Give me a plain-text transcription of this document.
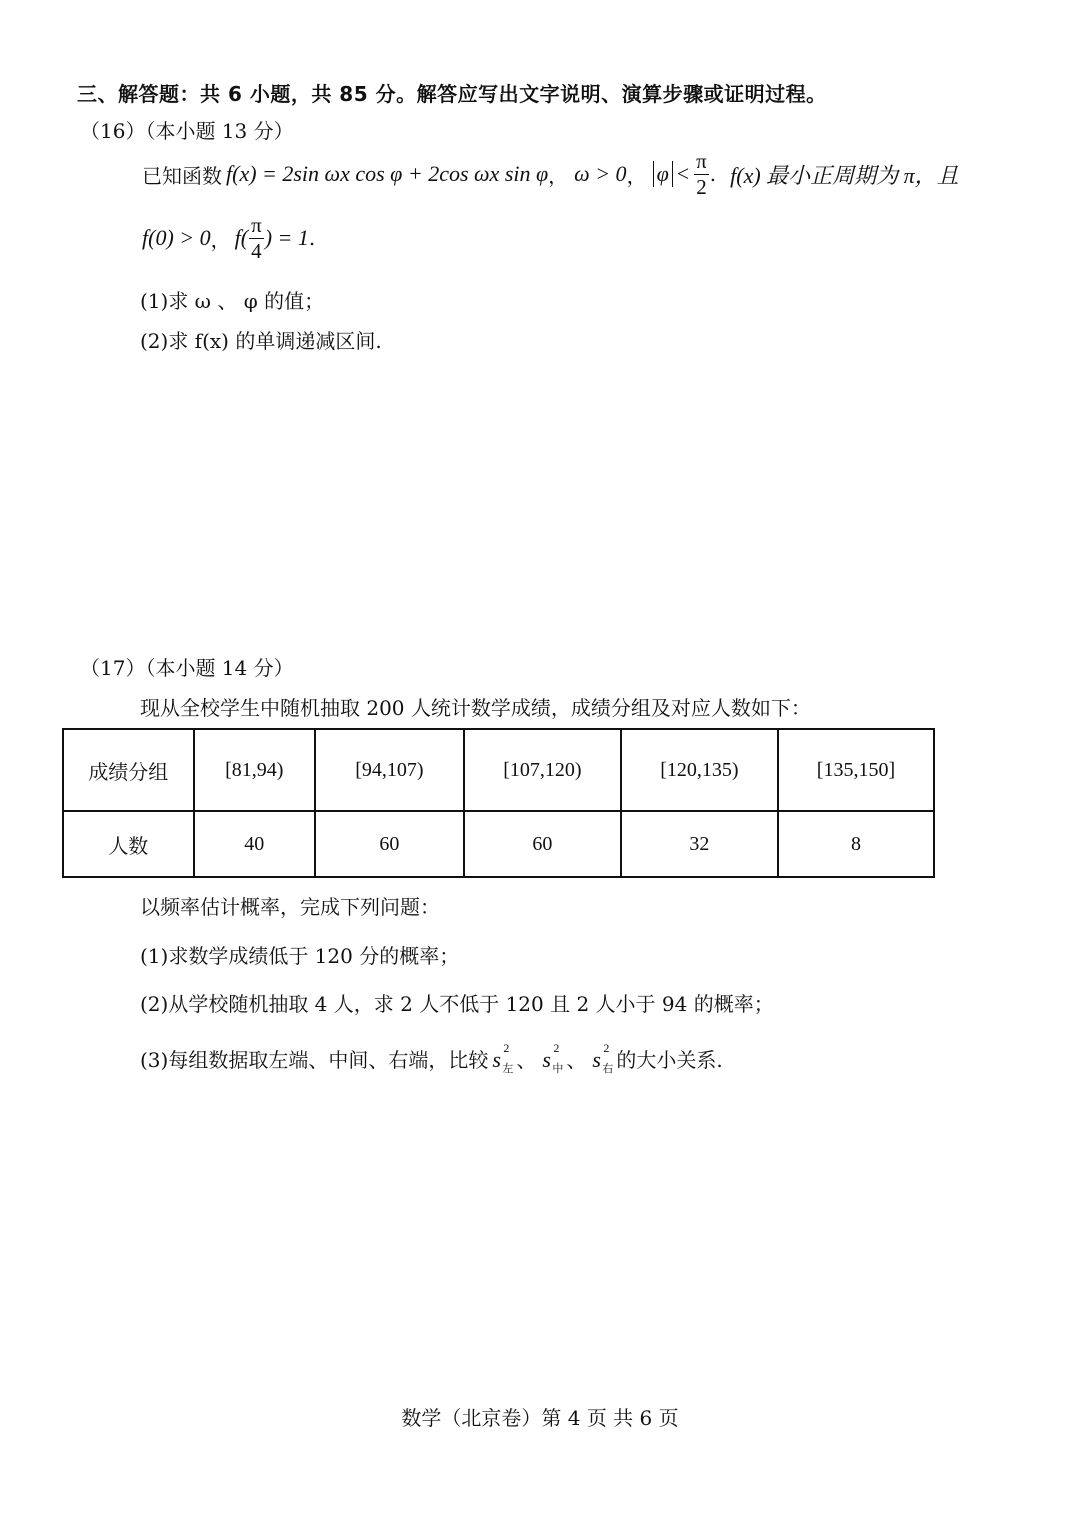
三、解答题：共 6 小题，共 85 分。解答应写出文字说明、演算步骤或证明过程。
（16）（本小题 13 分）
已知函数 f(x) = 2sin ωx cos φ + 2cos ωx sin φ ， ω > 0 ， $\varphi < \frac{\pi}{2}$ . f(x) 最小正周期为 π，且
f(0) > 0 ， $f( \frac{\pi}{4}$ ) = 1 .
(1)求 ω 、 φ 的值；
(2)求 f(x) 的单调递减区间.
（17）（本小题 14 分）
现从全校学生中随机抽取 200 人统计数学成绩，成绩分组及对应人数如下：
成绩分组	[81,94)	[94,107)	[107,120)	[120,135)	[135,150]
人数	40	60	60	32	8
以频率估计概率，完成下列问题：
(1)求数学成绩低于 120 分的概率；
(2)从学校随机抽取 4 人，求 2 人不低于 120 且 2 人小于 94 的概率；
(3)每组数据取左端、中间、右端，比较 s 2
左 、 s 2
中 、 s 2
右 的大小关系.
数学（北京卷）第 4 页 共 6 页
